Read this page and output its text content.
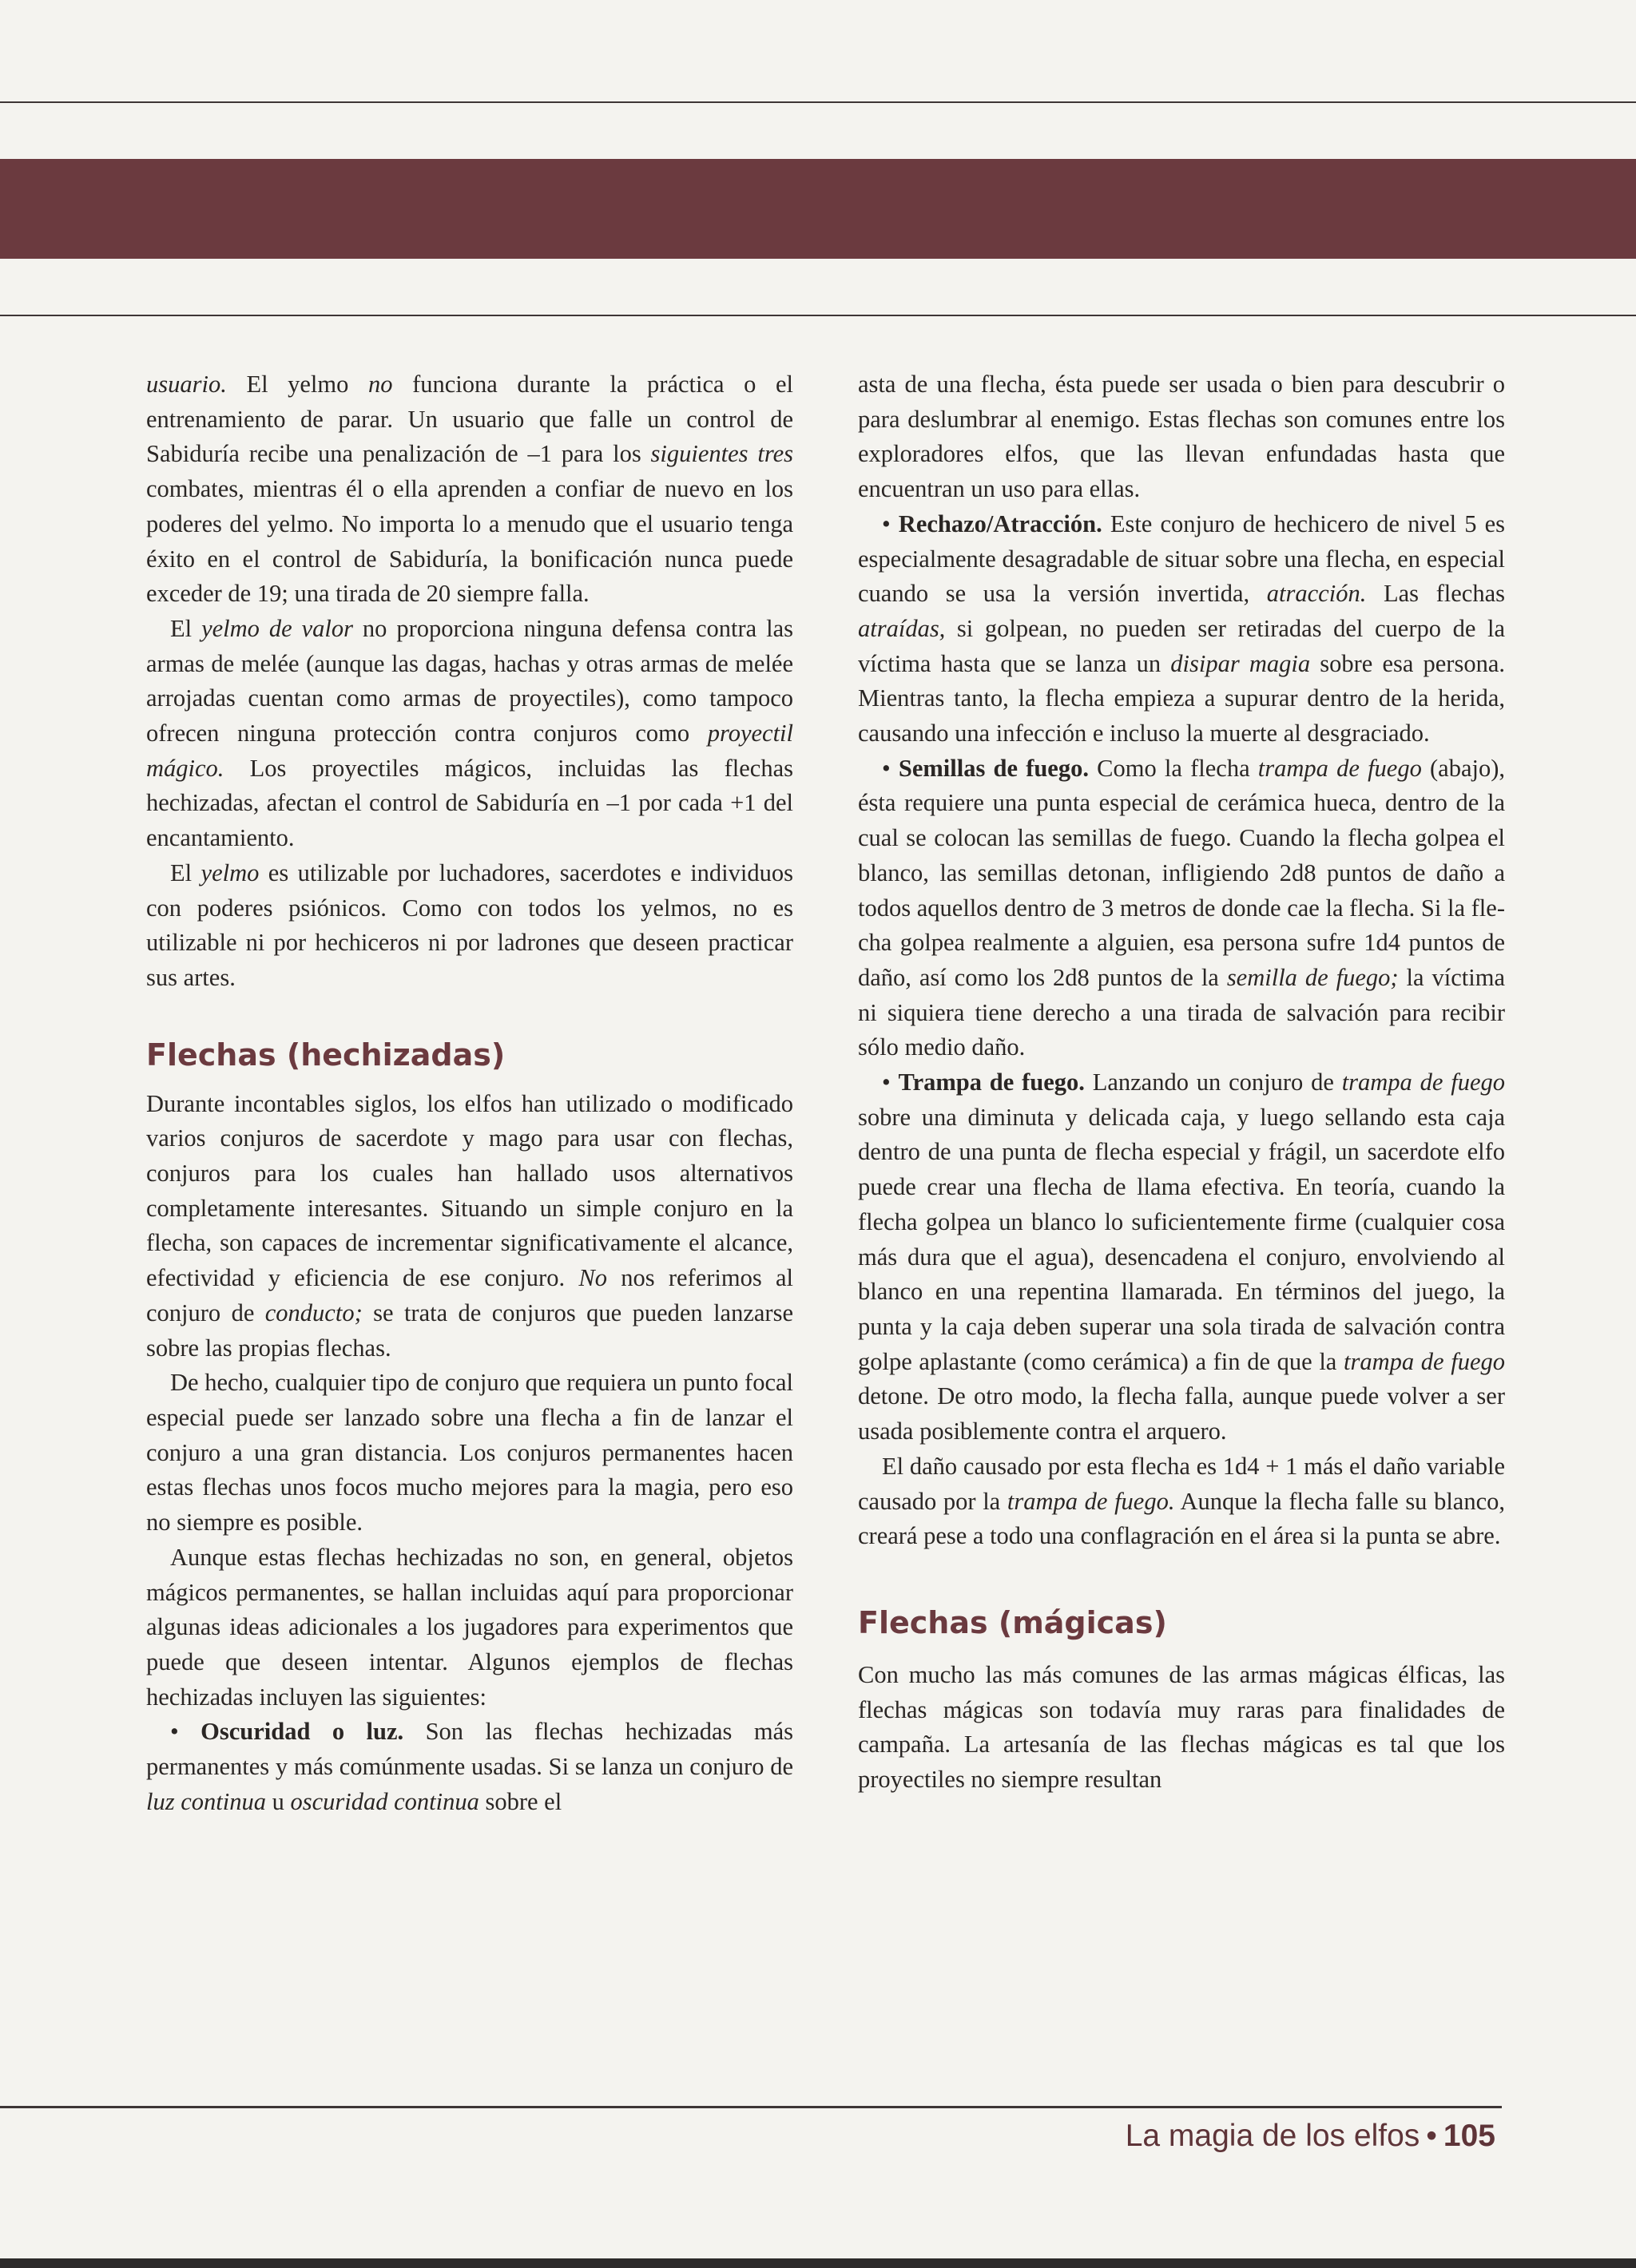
usuario. El yelmo no funciona durante la práctica o el entrenamiento de parar. Un usuario que falle un control de Sabiduría recibe una penalización de –1 para los siguientes tres combates, mientras él o ella aprenden a confiar de nuevo en los poderes del yelmo. No importa lo a menudo que el usuario tenga éxito en el control de Sabiduría, la bonificación nunca puede exceder de 19; una tirada de 20 siempre falla.

El yelmo de valor no proporciona ninguna defensa contra las armas de melée (aunque las dagas, hachas y otras armas de melée arrojadas cuentan como armas de proyectiles), como tampoco ofrecen ninguna protección contra conjuros como proyectil mágico. Los proyectiles mágicos, incluidas las flechas hechizadas, afectan el control de Sabiduría en –1 por cada +1 del encantamiento.

El yelmo es utilizable por luchadores, sacerdotes e individuos con poderes psiónicos. Como con todos los yelmos, no es utilizable ni por hechiceros ni por ladrones que deseen practicar sus artes.

Flechas (hechizadas)

Durante incontables siglos, los elfos han utilizado o modificado varios conjuros de sacerdote y mago para usar con flechas, conjuros para los cuales han hallado usos alternativos completamente interesantes. Situando un simple conjuro en la flecha, son capaces de incrementar significativamente el alcance, efectividad y eficiencia de ese conjuro. No nos referimos al conjuro de conducto; se trata de conjuros que pueden lanzarse sobre las propias flechas.

De hecho, cualquier tipo de conjuro que requiera un punto focal especial puede ser lanzado sobre una flecha a fin de lanzar el conjuro a una gran distancia. Los conjuros permanentes hacen estas flechas unos focos mucho mejores para la magia, pero eso no siempre es posible.

Aunque estas flechas hechizadas no son, en general, objetos mágicos permanentes, se hallan incluidas aquí para proporcionar algunas ideas adicionales a los jugadores para experimentos que puede que deseen intentar. Algunos ejemplos de flechas hechizadas incluyen las siguientes:

• Oscuridad o luz. Son las flechas hechizadas más permanentes y más comúnmente usadas. Si se lanza un conjuro de luz continua u oscuridad continua sobre el

asta de una flecha, ésta puede ser usada o bien para descubrir o para deslumbrar al enemigo. Estas flechas son comunes entre los exploradores elfos, que las llevan enfundadas hasta que encuentran un uso para ellas.

• Rechazo/Atracción. Este conjuro de hechicero de nivel 5 es especialmente desagradable de situar sobre una flecha, en especial cuando se usa la versión invertida, atracción. Las flechas atraídas, si golpean, no pueden ser retiradas del cuerpo de la víctima hasta que se lanza un disipar magia sobre esa persona. Mientras tanto, la flecha empieza a supurar dentro de la herida, causando una infección e incluso la muerte al desgraciado.

• Semillas de fuego. Como la flecha trampa de fuego (abajo), ésta requiere una punta especial de cerámica hueca, dentro de la cual se colocan las semillas de fuego. Cuando la flecha golpea el blanco, las semillas detonan, infligiendo 2d8 puntos de daño a todos aquellos dentro de 3 metros de donde cae la flecha. Si la flecha golpea realmente a alguien, esa persona sufre 1d4 puntos de daño, así como los 2d8 puntos de la semilla de fuego; la víctima ni siquiera tiene derecho a una tirada de salvación para recibir sólo medio daño.

• Trampa de fuego. Lanzando un conjuro de trampa de fuego sobre una diminuta y delicada caja, y luego sellando esta caja dentro de una punta de flecha especial y frágil, un sacerdote elfo puede crear una flecha de llama efectiva. En teoría, cuando la flecha golpea un blanco lo suficientemente firme (cualquier cosa más dura que el agua), desencadena el conjuro, envolviendo al blanco en una repentina llamarada. En términos del juego, la punta y la caja deben superar una sola tirada de salvación contra golpe aplastante (como cerámica) a fin de que la trampa de fuego detone. De otro modo, la flecha falla, aunque puede volver a ser usada posiblemente contra el arquero.

El daño causado por esta flecha es 1d4 + 1 más el daño variable causado por la trampa de fuego. Aunque la flecha falle su blanco, creará pese a todo una conflagración en el área si la punta se abre.

Flechas (mágicas)

Con mucho las más comunes de las armas mágicas élficas, las flechas mágicas son todavía muy raras para finalidades de campaña. La artesanía de las flechas mágicas es tal que los proyectiles no siempre resultan

La magia de los elfos • 105
